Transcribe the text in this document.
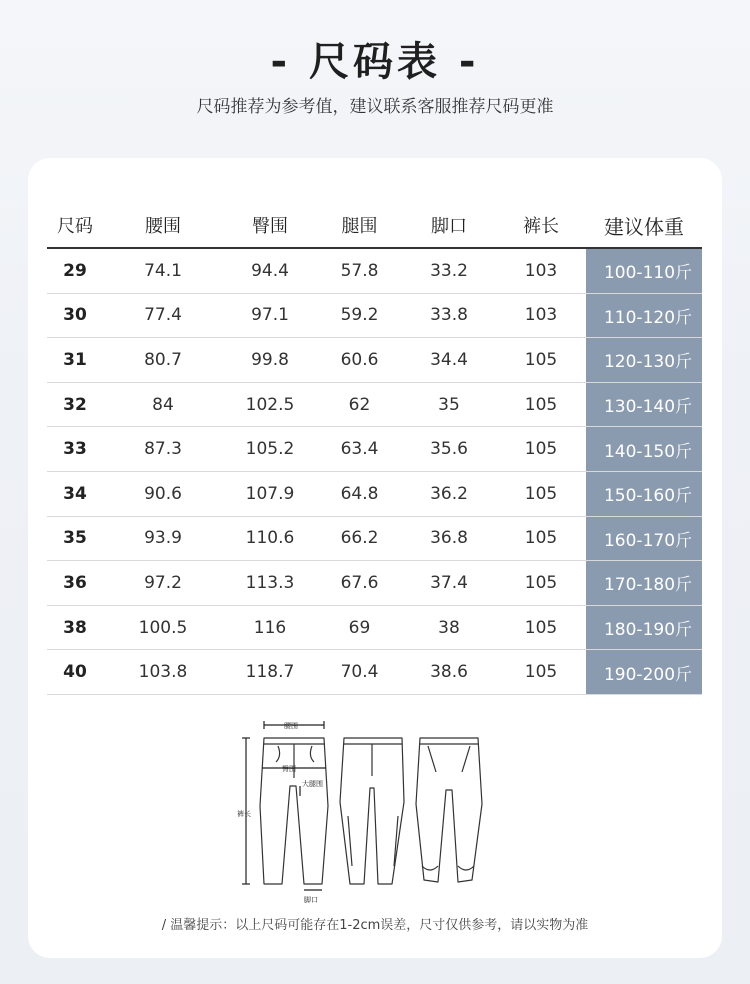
- 尺码表 -
尺码推荐为参考值，建议联系客服推荐尺码更准
尺码	腰围	臀围	腿围	脚口	裤长	建议体重
29	74.1	94.4	57.8	33.2	103	100-110斤
30	77.4	97.1	59.2	33.8	103	110-120斤
31	80.7	99.8	60.6	34.4	105	120-130斤
32	84	102.5	62	35	105	130-140斤
33	87.3	105.2	63.4	35.6	105	140-150斤
34	90.6	107.9	64.8	36.2	105	150-160斤
35	93.9	110.6	66.2	36.8	105	160-170斤
36	97.2	113.3	67.6	37.4	105	170-180斤
38	100.5	116	69	38	105	180-190斤
40	103.8	118.7	70.4	38.6	105	190-200斤
腰围
臀围
大腿围
裤长
脚口
/ 温馨提示：以上尺码可能存在1-2cm误差，尺寸仅供参考，请以实物为准
